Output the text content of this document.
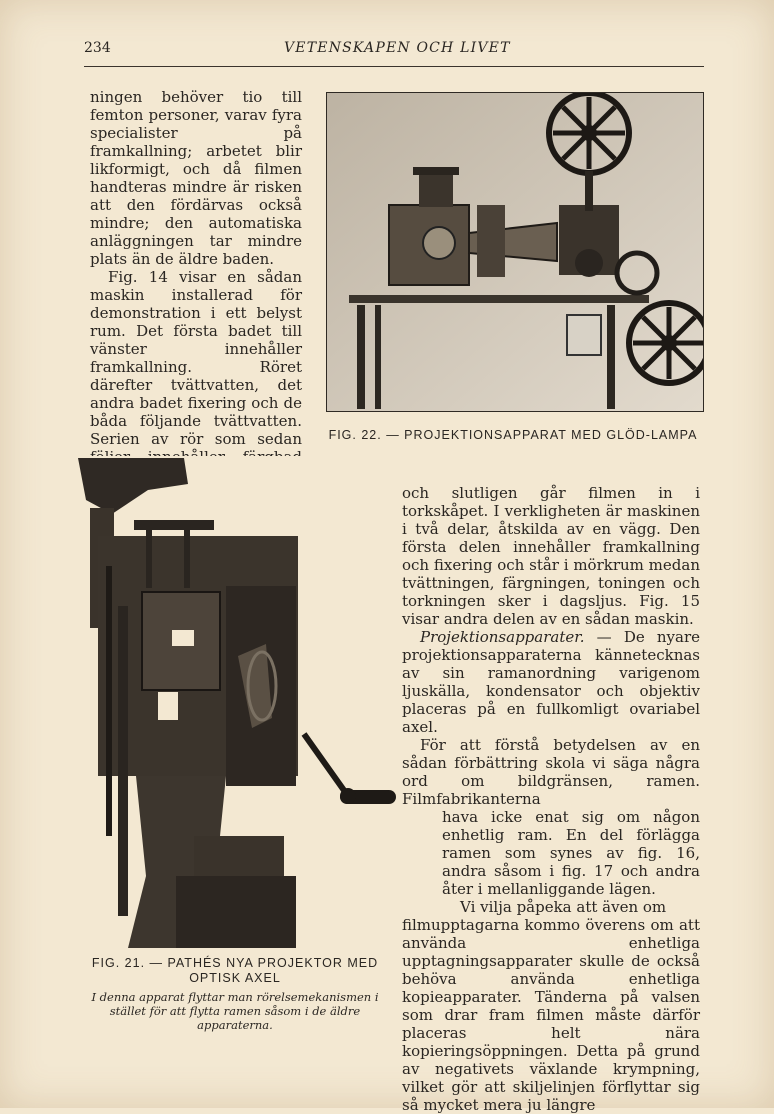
234	VETENSKAPEN OCH LIVET

ningen behöver tio till femton personer, varav fyra specialister på framkallning; arbetet blir likformigt, och då filmen handteras mindre är risken att den fördärvas också mindre; den automatiska anläggningen tar mindre plats än de äldre baden.

Fig. 14 visar en sådan maskin installerad för demonstration i ett belyst rum. Det första badet till vänster innehåller framkallning. Röret därefter tvättvatten, det andra badet fixering och de båda följande tvättvatten. Serien av rör som sedan	FIG. 22. — PROJEKTIONSAPPARAT MED GLÖD-LAMPA
FIG. 21. — PATHÉS NYA PROJEKTOR MED OPTISK AXEL
I denna apparat flyttar man rörelsemekanismen i stället för att flytta ramen såsom i de äldre apparaterna.

och slutligen går filmen in i torkskåpet. I verkligheten är maskinen i två delar, åtskilda av en vägg. Den första delen innehåller framkallning och fixering och står i mörkrum medan tvättningen, färgningen, toningen och torkningen sker i dagsljus. Fig. 15 visar andra delen av en sådan maskin.

Projektionsapparater. — De nyare projektionsapparaterna kännetecknas av sin ramanordning varigenom ljuskälla, kondensator och objektiv placeras på en fullkomligt ovariabel axel.

För att förstå betydelsen av en sådan förbättring skola vi säga några ord om bildgränsen, ramen. Filmfabrikanterna

hava icke enat sig om någon enhetlig ram. En del förlägga ramen som synes av fig. 16, andra såsom i fig. 17 och andra åter i mellanliggande lägen.

Vi vilja påpeka att även om

filmupptagarna kommo överens om att använda enhetliga upptagningsapparater skulle de också behöva använda enhetliga kopieapparater. Tänderna på valsen som drar fram filmen måste därför placeras helt nära kopieringsöppningen. Detta på grund av negativets växlande krympning, vilket gör att skiljelinjen förflyttar sig så mycket mera ju längre
